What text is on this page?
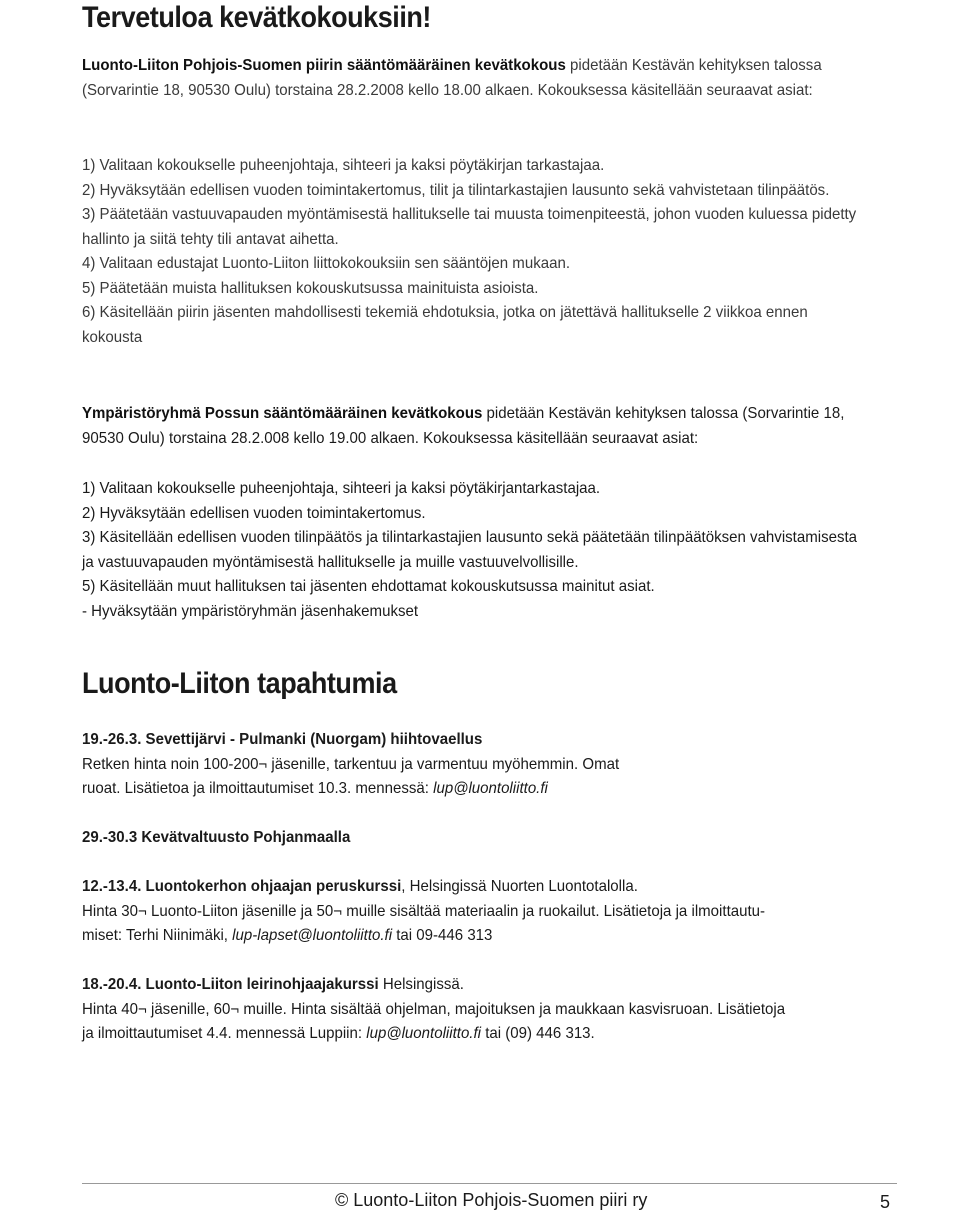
Tervetuloa kevätkokouksiin!

Luonto-Liiton Pohjois-Suomen piirin sääntömääräinen kevätkokous pidetään Kestävän kehityksen talossa (Sorvarintie 18, 90530 Oulu) torstaina 28.2.2008 kello 18.00 alkaen. Kokouksessa käsitellään seuraavat asiat:

1) Valitaan kokoukselle puheenjohtaja, sihteeri ja kaksi pöytäkirjan tarkastajaa.

2) Hyväksytään edellisen vuoden toimintakertomus, tilit ja tilintarkastajien lausunto sekä vahvistetaan tilinpäätös.

3) Päätetään vastuuvapauden myöntämisestä hallitukselle tai muusta toimenpiteestä, johon vuoden kuluessa pidetty hallinto ja siitä tehty tili antavat aihetta.

4) Valitaan edustajat Luonto-Liiton liittokokouksiin sen sääntöjen mukaan.

5) Päätetään muista hallituksen kokouskutsussa mainituista asioista.

6) Käsitellään piirin jäsenten mahdollisesti tekemiä ehdotuksia, jotka on jätettävä hallitukselle 2 viikkoa ennen kokousta

Ympäristöryhmä Possun sääntömääräinen kevätkokous pidetään Kestävän kehityksen talossa (Sorvarintie 18, 90530 Oulu) torstaina 28.2.008 kello 19.00 alkaen. Kokouksessa käsitellään seuraavat asiat:

1) Valitaan kokoukselle puheenjohtaja, sihteeri ja kaksi pöytäkirjantarkastajaa.

2) Hyväksytään edellisen vuoden toimintakertomus.

3) Käsitellään edellisen vuoden tilinpäätös ja tilintarkastajien lausunto sekä päätetään tilinpäätöksen vahvistamisesta ja vastuuvapauden myöntämisestä hallitukselle ja muille vastuuvelvollisille.

5) Käsitellään muut hallituksen tai jäsenten ehdottamat kokouskutsussa mainitut asiat.

- Hyväksytään ympäristöryhmän jäsenhakemukset

Luonto-Liiton tapahtumia

19.-26.3. Sevettijärvi - Pulmanki (Nuorgam) hiihtovaellus

Retken hinta noin 100-200¬ jäsenille, tarkentuu ja varmentuu myöhemmin. Omat

ruoat. Lisätietoa ja ilmoittautumiset 10.3. mennessä: lup@luontoliitto.fi

29.-30.3 Kevätvaltuusto Pohjanmaalla

12.-13.4. Luontokerhon ohjaajan peruskurssi, Helsingissä Nuorten Luontotalolla.

Hinta 30¬ Luonto-Liiton jäsenille ja 50¬ muille sisältää materiaalin ja ruokailut. Lisätietoja ja ilmoittautu-

miset: Terhi Niinimäki, lup-lapset@luontoliitto.fi tai 09-446 313

18.-20.4. Luonto-Liiton leirinohjaajakurssi Helsingissä.

Hinta 40¬ jäsenille, 60¬ muille. Hinta sisältää ohjelman, majoituksen ja maukkaan kasvisruoan. Lisätietoja

ja ilmoittautumiset 4.4. mennessä Luppiin: lup@luontoliitto.fi tai (09) 446 313.

© Luonto-Liiton Pohjois-Suomen piiri ry	5
